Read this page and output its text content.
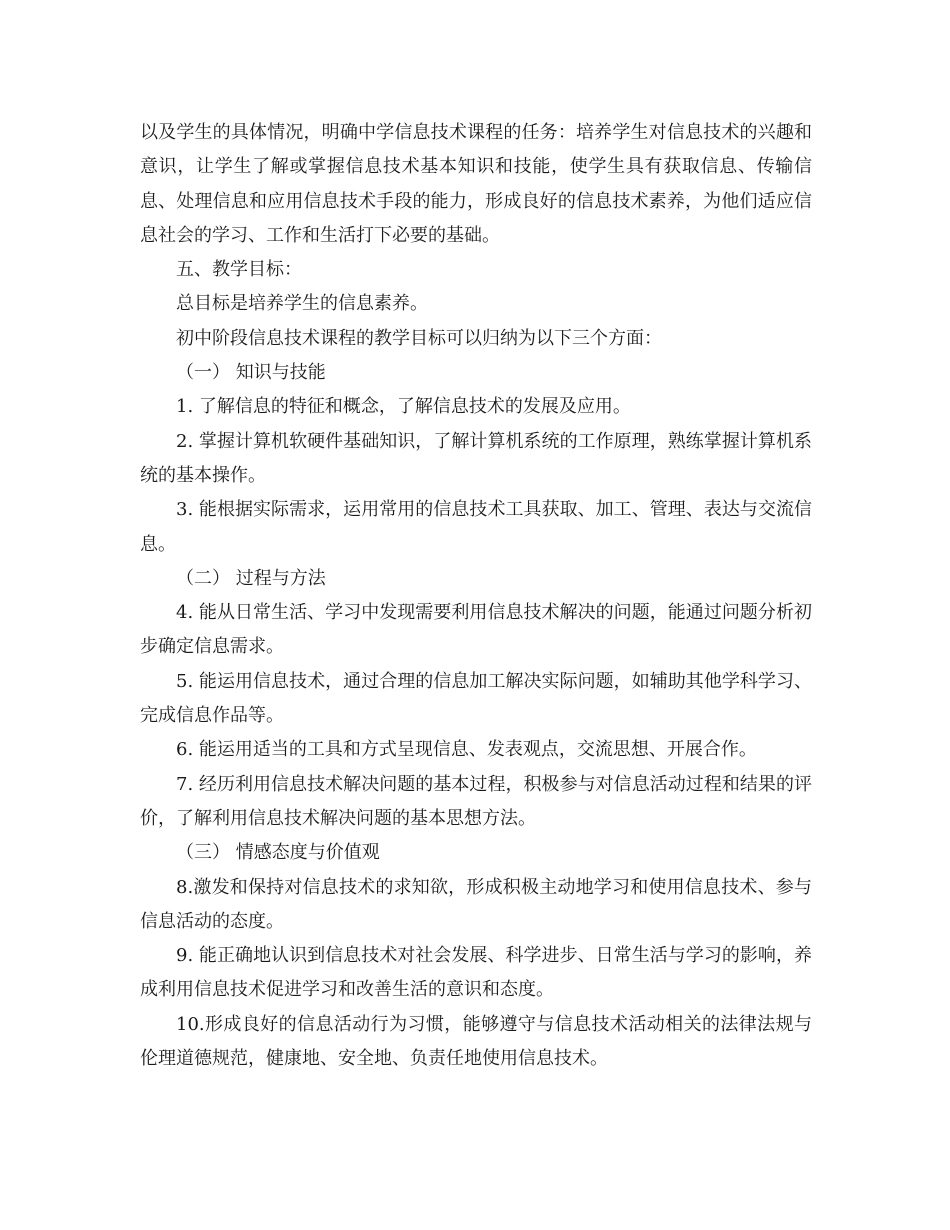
以及学生的具体情况，明确中学信息技术课程的任务：培养学生对信息技术的兴趣和意识，让学生了解或掌握信息技术基本知识和技能，使学生具有获取信息、传输信息、处理信息和应用信息技术手段的能力，形成良好的信息技术素养，为他们适应信息社会的学习、工作和生活打下必要的基础。

五、教学目标：

总目标是培养学生的信息素养。

初中阶段信息技术课程的教学目标可以归纳为以下三个方面：

（一） 知识与技能

1. 了解信息的特征和概念，了解信息技术的发展及应用。

2. 掌握计算机软硬件基础知识，了解计算机系统的工作原理，熟练掌握计算机系统的基本操作。

3. 能根据实际需求，运用常用的信息技术工具获取、加工、管理、表达与交流信息。

（二） 过程与方法

4. 能从日常生活、学习中发现需要利用信息技术解决的问题，能通过问题分析初步确定信息需求。

5. 能运用信息技术，通过合理的信息加工解决实际问题，如辅助其他学科学习、完成信息作品等。

6. 能运用适当的工具和方式呈现信息、发表观点，交流思想、开展合作。

7. 经历利用信息技术解决问题的基本过程，积极参与对信息活动过程和结果的评价，了解利用信息技术解决问题的基本思想方法。

（三） 情感态度与价值观

8.激发和保持对信息技术的求知欲，形成积极主动地学习和使用信息技术、参与信息活动的态度。

9. 能正确地认识到信息技术对社会发展、科学进步、日常生活与学习的影响，养成利用信息技术促进学习和改善生活的意识和态度。

10.形成良好的信息活动行为习惯，能够遵守与信息技术活动相关的法律法规与伦理道德规范，健康地、安全地、负责任地使用信息技术。
